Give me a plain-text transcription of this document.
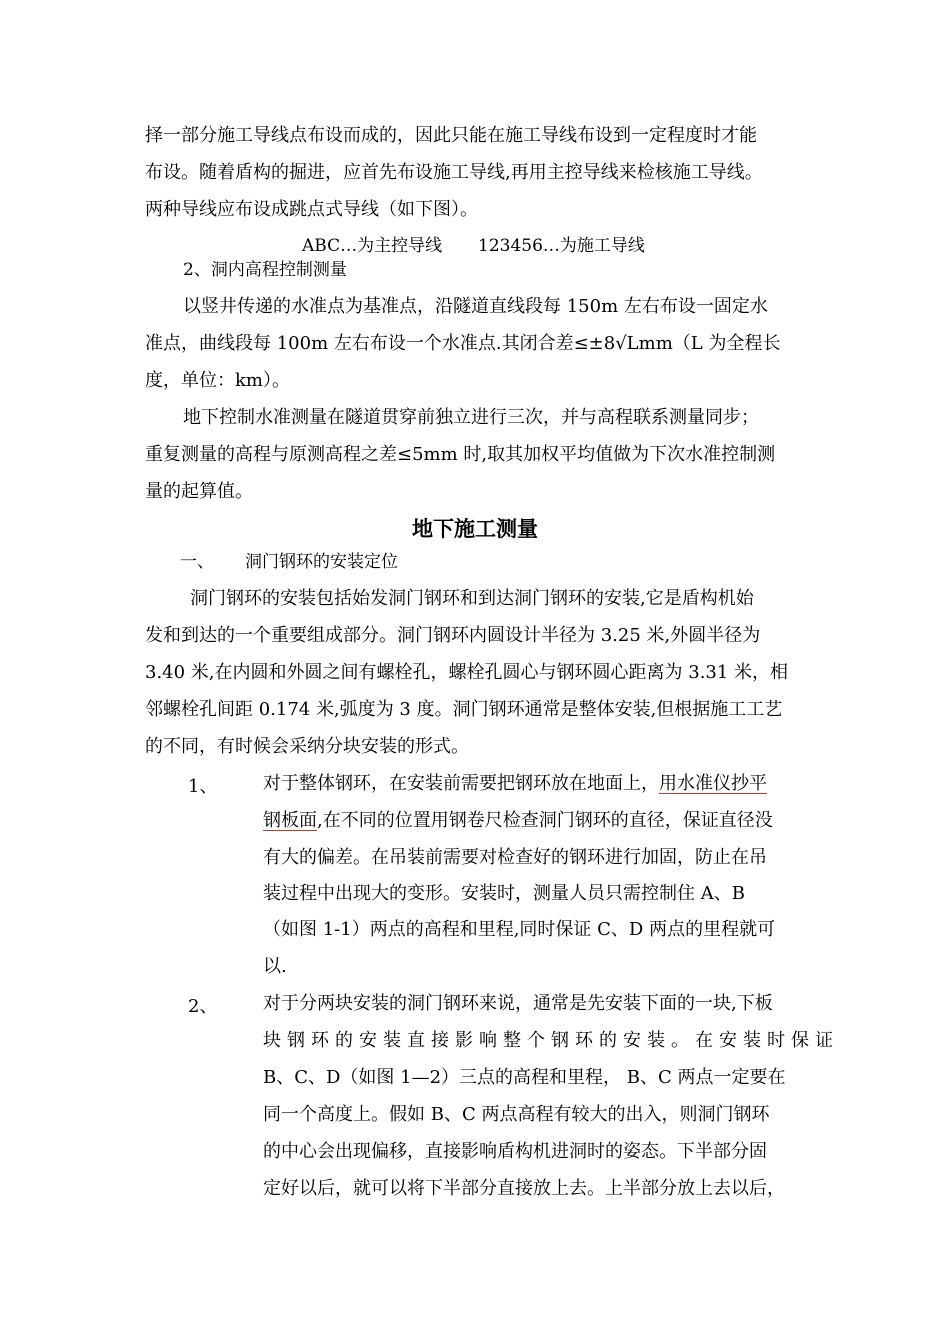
择一部分施工导线点布设而成的，因此只能在施工导线布设到一定程度时才能
布设。随着盾构的掘进，应首先布设施工导线,再用主控导线来检核施工导线。
两种导线应布设成跳点式导线（如下图）。
ABC…为主控导线 123456…为施工导线
2、洞内高程控制测量
以竖井传递的水准点为基准点，沿隧道直线段每 150m 左右布设一固定水
准点，曲线段每 100m 左右布设一个水准点.其闭合差≤±8√Lmm（L 为全程长
度，单位：km）。
地下控制水准测量在隧道贯穿前独立进行三次，并与高程联系测量同步；
重复测量的高程与原测高程之差≤5mm 时,取其加权平均值做为下次水准控制测
量的起算值。
地下施工测量
一、 洞门钢环的安装定位
洞门钢环的安装包括始发洞门钢环和到达洞门钢环的安装,它是盾构机始
发和到达的一个重要组成部分。洞门钢环内圆设计半径为 3.25 米,外圆半径为
3.40 米,在内圆和外圆之间有螺栓孔，螺栓孔圆心与钢环圆心距离为 3.31 米，相
邻螺栓孔间距 0.174 米,弧度为 3 度。洞门钢环通常是整体安装,但根据施工工艺
的不同，有时候会采纳分块安装的形式。
1、	对于整体钢环，在安装前需要把钢环放在地面上，用水准仪抄平
钢板面,在不同的位置用钢卷尺检查洞门钢环的直径，保证直径没
有大的偏差。在吊装前需要对检查好的钢环进行加固，防止在吊
装过程中出现大的变形。安装时，测量人员只需控制住 A、B
（如图 1-1）两点的高程和里程,同时保证 C、D 两点的里程就可
以.
2、	对于分两块安装的洞门钢环来说，通常是先安装下面的一块,下板
块钢环的安装直接影响整个钢环的安装。在安装时保证
B、C、D（如图 1—2）三点的高程和里程， B、C 两点一定要在
同一个高度上。假如 B、C 两点高程有较大的出入，则洞门钢环
的中心会出现偏移，直接影响盾构机进洞时的姿态。下半部分固
定好以后，就可以将下半部分直接放上去。上半部分放上去以后，
